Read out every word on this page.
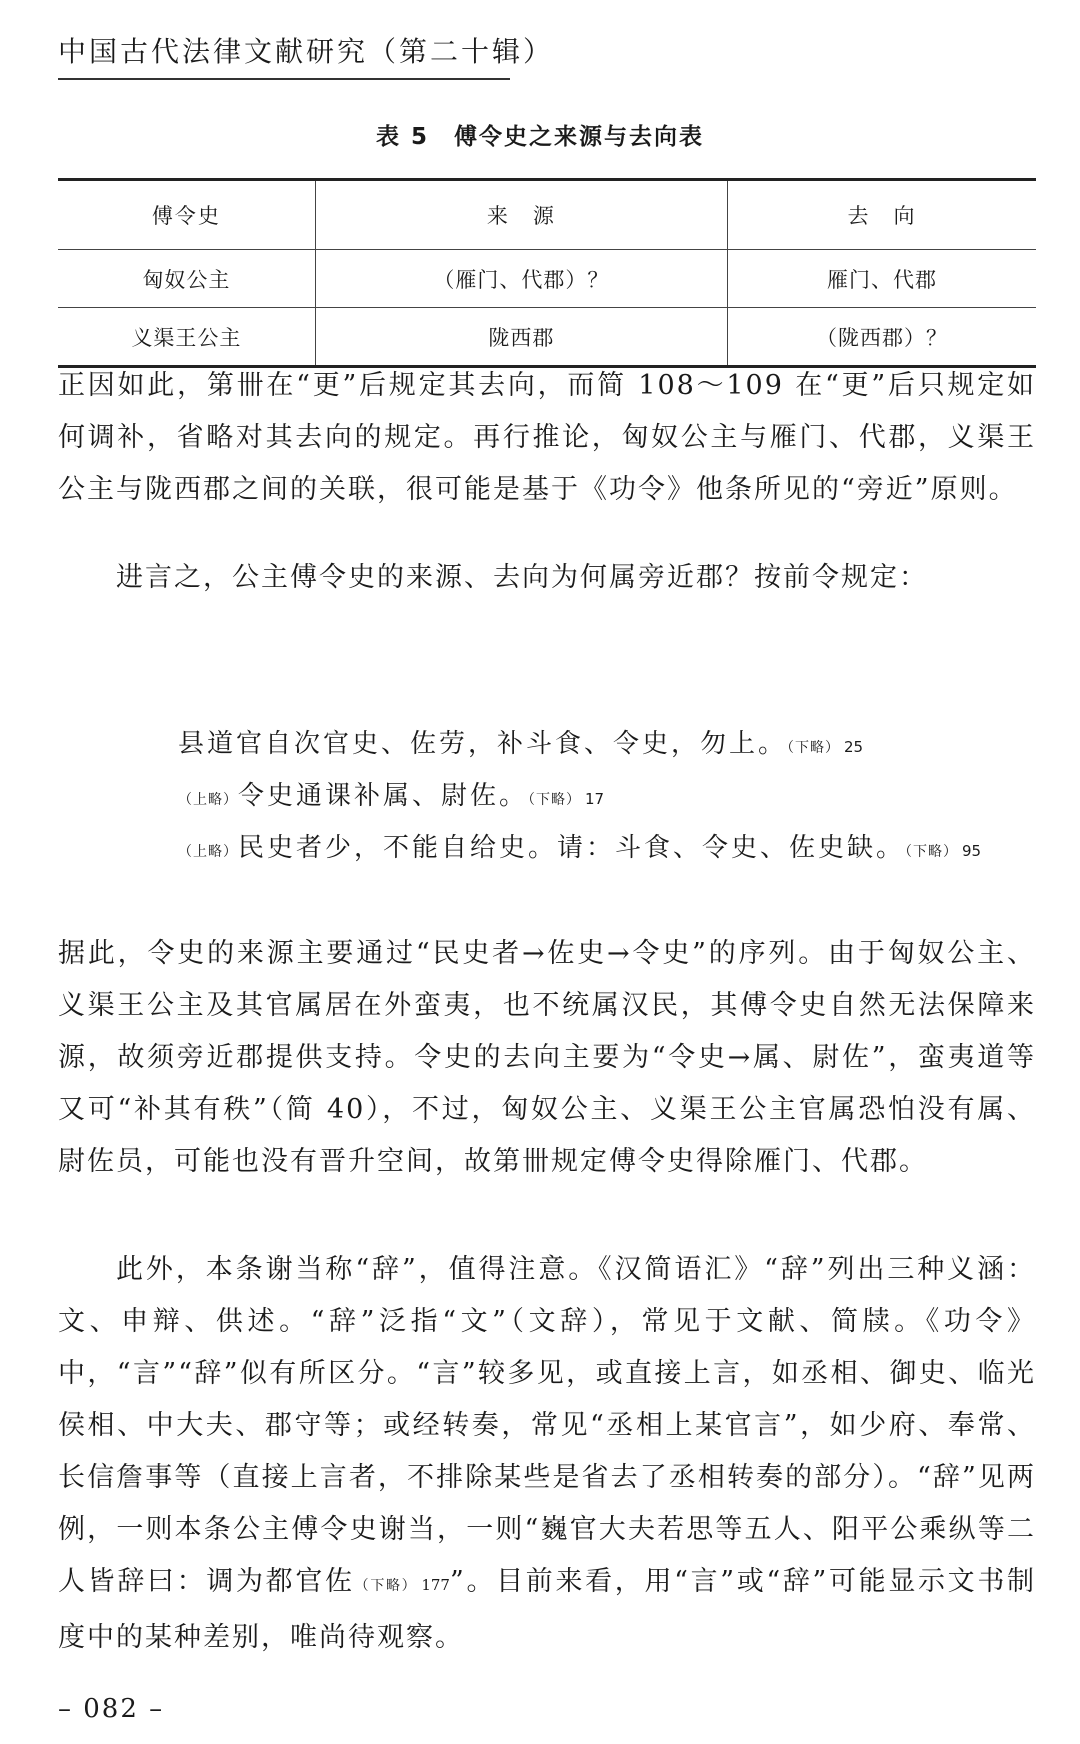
中国古代法律文献研究（第二十辑）
表 5　傅令史之来源与去向表
傅令史	来　源	去　向
匈奴公主	（雁门、代郡）？	雁门、代郡
义渠王公主	陇西郡	（陇西郡）？

正因如此，第卌在“更”后规定其去向，而简 108～109 在“更”后只规定如何调补，省略对其去向的规定。再行推论，匈奴公主与雁门、代郡，义渠王公主与陇西郡之间的关联，很可能是基于《功令》他条所见的“旁近”原则。

进言之，公主傅令史的来源、去向为何属旁近郡？按前令规定：

县道官自次官史、佐劳，补斗食、令史，勿上。（下略） 25
（上略）令史通课补属、尉佐。（下略） 17
（上略）民史者少，不能自给史。请：斗食、令史、佐史缺。（下略） 95

据此，令史的来源主要通过“民史者→佐史→令史”的序列。由于匈奴公主、义渠王公主及其官属居在外蛮夷，也不统属汉民，其傅令史自然无法保障来源，故须旁近郡提供支持。令史的去向主要为“令史→属、尉佐”，蛮夷道等又可“补其有秩”（简 40），不过，匈奴公主、义渠王公主官属恐怕没有属、尉佐员，可能也没有晋升空间，故第卌规定傅令史得除雁门、代郡。

此外，本条谢当称“辞”，值得注意。《汉简语汇》“辞”列出三种义涵：文、申辩、供述。“辞”泛指“文”（文辞），常见于文献、简牍。《功令》中，“言”“辞”似有所区分。“言”较多见，或直接上言，如丞相、御史、临光侯相、中大夫、郡守等；或经转奏，常见“丞相上某官言”，如少府、奉常、长信詹事等（直接上言者，不排除某些是省去了丞相转奏的部分）。“辞”见两例，一则本条公主傅令史谢当，一则“巍官大夫若思等五人、阳平公乘纵等二人皆辞曰：调为都官佐（下略） 177”。目前来看，用“言”或“辞”可能显示文书制度中的某种差别，唯尚待观察。

– 082 –
